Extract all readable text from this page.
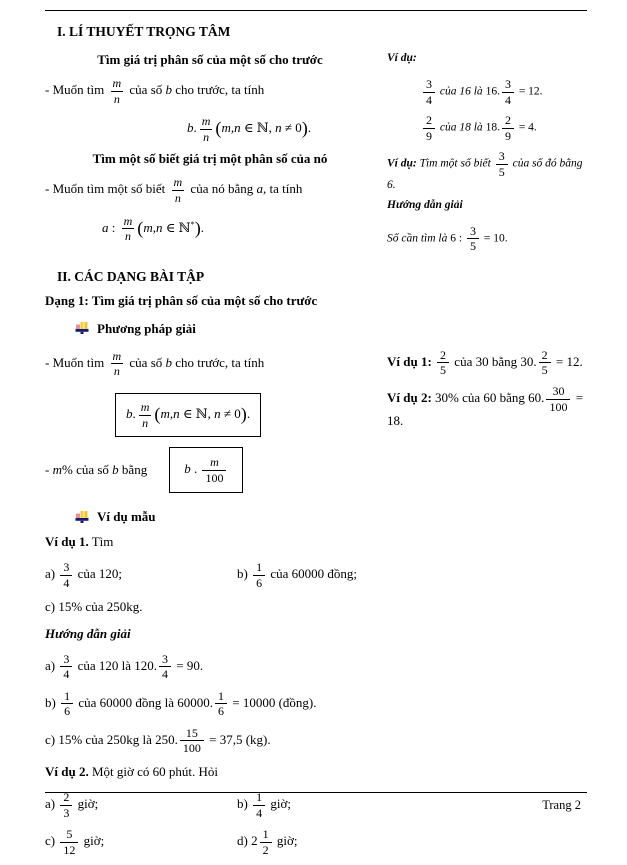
I. LÍ THUYẾT TRỌNG TÂM
Tìm giá trị phân số của một số cho trước
- Muốn tìm $\frac{m}{n}$ của số b cho trước, ta tính
b. $\frac{m}{n} (m,n$ ∈ ℕ, n ≠ 0).
Tìm một số biết giá trị một phân số của nó
- Muốn tìm một số biết $\frac{m}{n}$ của nó bằng a, ta tính
a : $\frac{m}{n} (m,n$ ∈ ℕ*).
Ví dụ:
$\frac{3}{4}$ của 16 là 16. $\frac{3}{4} = 12$.
$\frac{2}{9}$ của 18 là 18. $\frac{2}{9} = 4$.
Ví dụ: Tìm một số biết $\frac{3}{5}$ của số đó bằng 6.
Hướng dẫn giải
Số cần tìm là 6 : $\frac{3}{5} = 10$.
II. CÁC DẠNG BÀI TẬP
Dạng 1: Tìm giá trị phân số của một số cho trước
Phương pháp giải
- Muốn tìm $\frac{m}{n}$ của số b cho trước, ta tính
b. $\frac{m}{n} (m,n$ ∈ ℕ, n ≠ 0).
- m% của số b bằng	b . $\frac{m}{100}$
Ví dụ 1: $\frac{2}{5}$ của 30 bằng 30. $\frac{2}{5} = 12$.
Ví dụ 2: 30% của 60 bằng 60. $\frac{30}{100} = 18$.
Ví dụ mẫu
Ví dụ 1. Tìm
$a) \frac{3}{4}$ của 120;	$b) \frac{1}{6}$ của 60000 đồng;
c) 15% của 250kg.
Hướng dẫn giải
$a) \frac{3}{4}$ của 120 là 120. $\frac{3}{4} = 90$.
$b) \frac{1}{6}$ của 60000 đồng là 60000. $\frac{1}{6} = 10000$ (đồng).
c) 15% của 250kg là 250. $\frac{15}{100} = 37,5$ (kg).
Ví dụ 2. Một giờ có 60 phút. Hỏi
$a) \frac{2}{3}$ giờ;	$b) \frac{1}{4}$ giờ;
$c) \frac{5}{12}$ giờ;	d) $2 \frac{1}{2}$ giờ;
Trang 2
